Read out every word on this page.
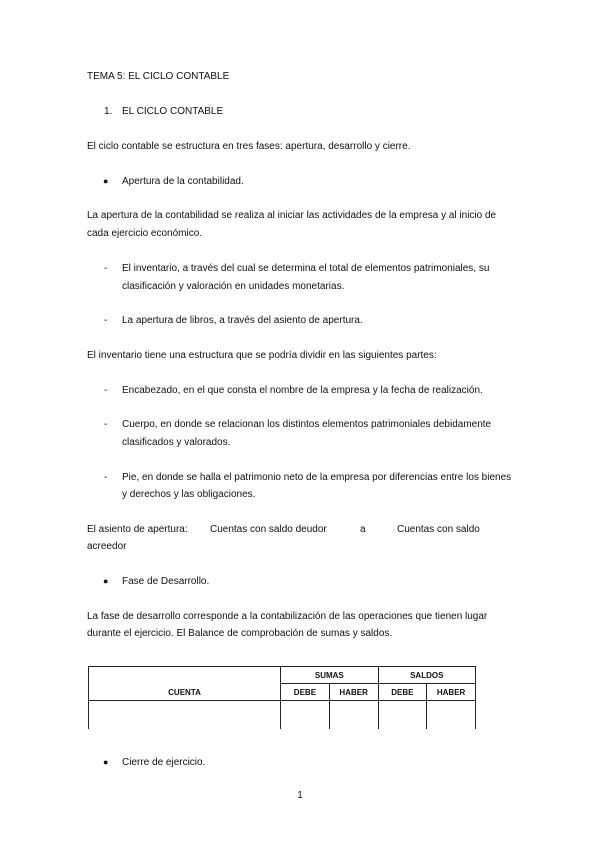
TEMA 5: EL CICLO CONTABLE
1. EL CICLO CONTABLE
El ciclo contable se estructura en tres fases: apertura, desarrollo y cierre.
● Apertura de la contabilidad.
La apertura de la contabilidad se realiza al iniciar las actividades de la empresa y al inicio de
cada ejercicio económico.
- El inventario, a través del cual se determina el total de elementos patrimoniales, su
clasificación y valoración en unidades monetarias.
- La apertura de libros, a través del asiento de apertura.
El inventario tiene una estructura que se podría dividir en las siguientes partes:
- Encabezado, en el que consta el nombre de la empresa y la fecha de realización.
- Cuerpo, en donde se relacionan los distintos elementos patrimoniales debidamente
clasificados y valorados.
- Pie, en donde se halla el patrimonio neto de la empresa por diferencias entre los bienes
y derechos y las obligaciones.
El asiento de apertura: Cuentas con saldo deudor	a	Cuentas con saldo
acreedor
● Fase de Desarrollo.
La fase de desarrollo corresponde a la contabilización de las operaciones que tienen lugar
durante el ejercicio. El Balance de comprobación de sumas y saldos.
CUENTA	SUMAS		SALDOS	
	DEBE	HABER	DEBE	HABER

● Cierre de ejercicio.
1
